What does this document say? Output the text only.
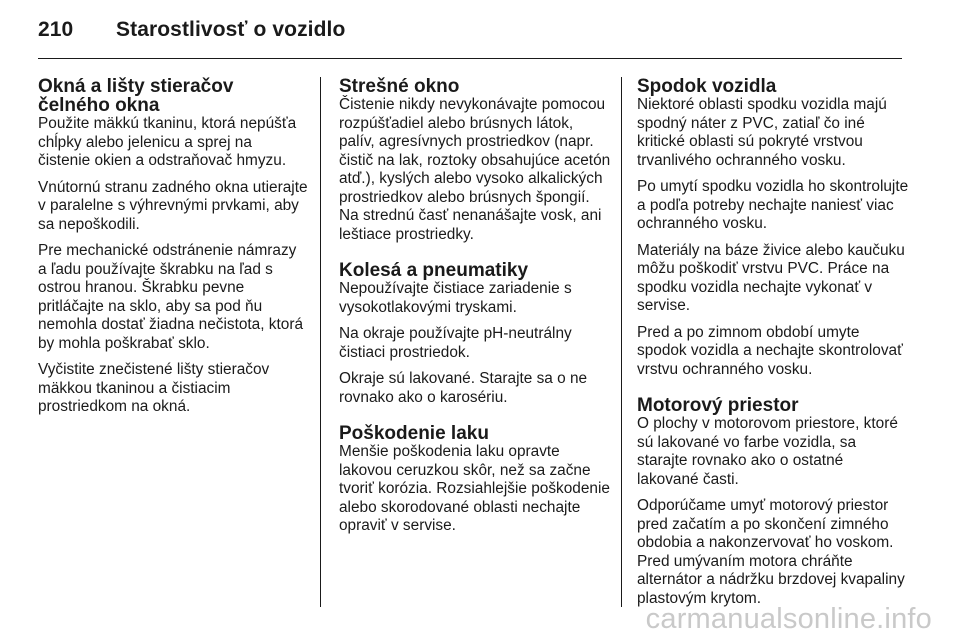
210 Starostlivosť o vozidlo
Okná a lišty stieračov čelného okna

Použite mäkkú tkaninu, ktorá nepúšťa chĺpky alebo jelenicu a sprej na čistenie okien a odstraňovač hmyzu.

Vnútornú stranu zadného okna utierajte v paralelne s výhrevnými prvkami, aby sa nepoškodili.

Pre mechanické odstránenie námrazy a ľadu používajte škrabku na ľad s ostrou hranou. Škrabku pevne pritláčajte na sklo, aby sa pod ňu nemohla dostať žiadna nečistota, ktorá by mohla poškrabať sklo.

Vyčistite znečistené lišty stieračov mäkkou tkaninou a čistiacim prostriedkom na okná.

Strešné okno

Čistenie nikdy nevykonávajte pomocou rozpúšťadiel alebo brúsnych látok, palív, agresívnych prostriedkov (napr. čistič na lak, roztoky obsahujúce acetón atď.), kyslých alebo vysoko alkalických prostriedkov alebo brúsnych špongií. Na strednú časť nenanášajte vosk, ani leštiace prostriedky.

Kolesá a pneumatiky

Nepoužívajte čistiace zariadenie s vysokotlakovými tryskami.

Na okraje používajte pH-neutrálny čistiaci prostriedok.

Okraje sú lakované. Starajte sa o ne rovnako ako o karosériu.

Poškodenie laku

Menšie poškodenia laku opravte lakovou ceruzkou skôr, než sa začne tvoriť korózia. Rozsiahlejšie poškodenie alebo skorodované oblasti nechajte opraviť v servise.

Spodok vozidla

Niektoré oblasti spodku vozidla majú spodný náter z PVC, zatiaľ čo iné kritické oblasti sú pokryté vrstvou trvanlivého ochranného vosku.

Po umytí spodku vozidla ho skontrolujte a podľa potreby nechajte naniesť viac ochranného vosku.

Materiály na báze živice alebo kaučuku môžu poškodiť vrstvu PVC. Práce na spodku vozidla nechajte vykonať v servise.

Pred a po zimnom období umyte spodok vozidla a nechajte skontrolovať vrstvu ochranného vosku.

Motorový priestor

O plochy v motorovom priestore, ktoré sú lakované vo farbe vozidla, sa starajte rovnako ako o ostatné lakované časti.

Odporúčame umyť motorový priestor pred začatím a po skončení zimného obdobia a nakonzervovať ho voskom. Pred umývaním motora chráňte alternátor a nádržku brzdovej kvapaliny plastovým krytom.

carmanualsonline.info
